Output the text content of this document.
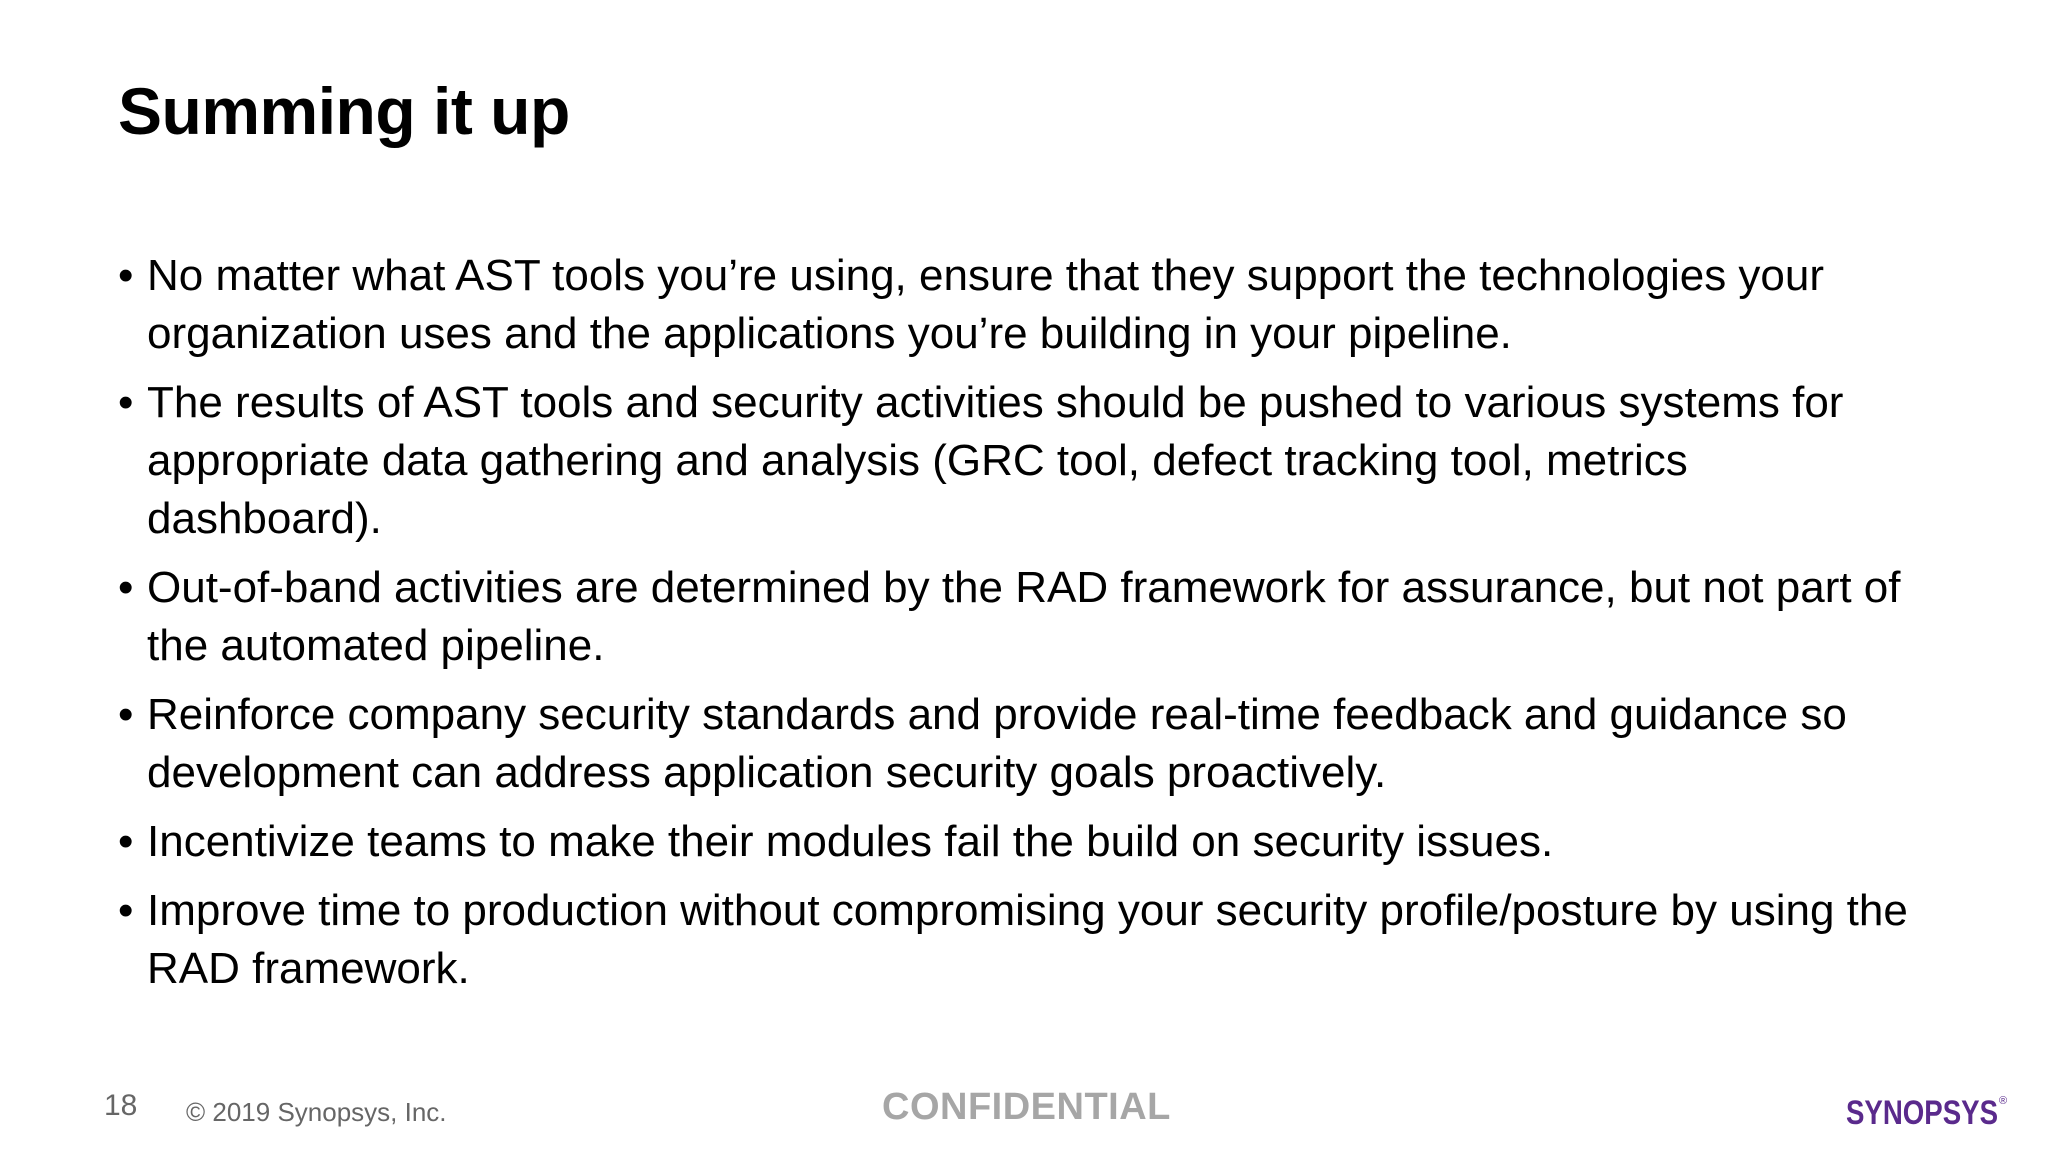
Summing it up
• No matter what AST tools you’re using, ensure that they support the technologies your organization uses and the applications you’re building in your pipeline.
• The results of AST tools and security activities should be pushed to various systems for appropriate data gathering and analysis (GRC tool, defect tracking tool, metrics dashboard).
• Out-of-band activities are determined by the RAD framework for assurance, but not part of the automated pipeline.
• Reinforce company security standards and provide real-time feedback and guidance so development can address application security goals proactively.
• Incentivize teams to make their modules fail the build on security issues.
• Improve time to production without compromising your security profile/posture by using the RAD framework.
18 © 2019 Synopsys, Inc.	CONFIDENTIAL	SYNOPSYS ®
